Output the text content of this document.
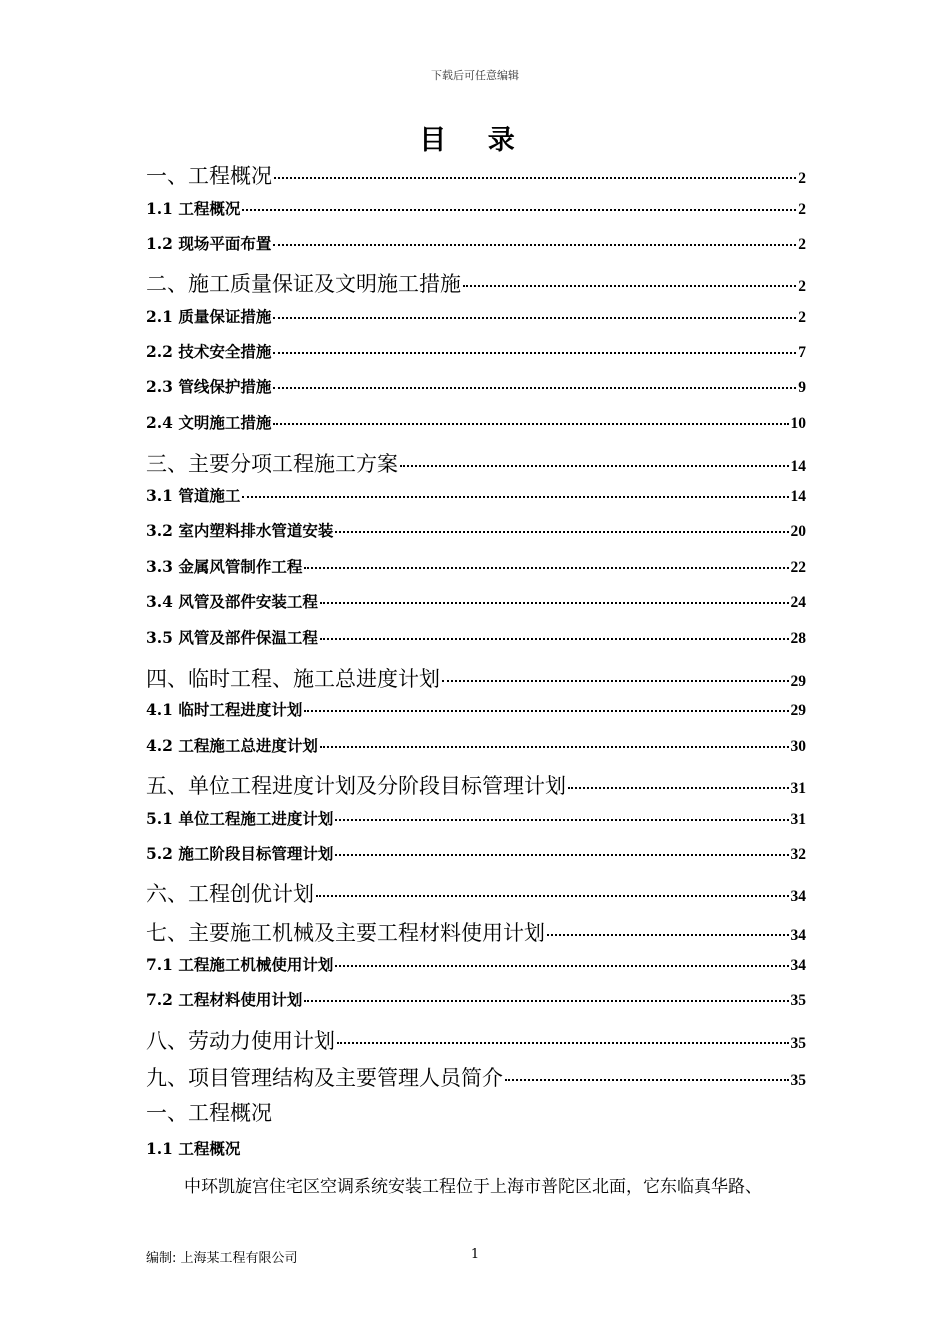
下载后可任意编辑
目 录
一、工程概况	2
1.1 工程概况	2
1.2 现场平面布置	2
二、施工质量保证及文明施工措施	2
2.1 质量保证措施	2
2.2 技术安全措施	7
2.3 管线保护措施	9
2.4 文明施工措施	10
三、主要分项工程施工方案	14
3.1 管道施工	14
3.2 室内塑料排水管道安装	20
3.3 金属风管制作工程	22
3.4 风管及部件安装工程	24
3.5 风管及部件保温工程	28
四、临时工程、施工总进度计划	29
4.1 临时工程进度计划	29
4.2 工程施工总进度计划	30
五、单位工程进度计划及分阶段目标管理计划	31
5.1 单位工程施工进度计划	31
5.2 施工阶段目标管理计划	32
六、工程创优计划	34
七、主要施工机械及主要工程材料使用计划	34
7.1 工程施工机械使用计划	34
7.2 工程材料使用计划	35
八、劳动力使用计划	35
九、项目管理结构及主要管理人员简介	35
一、工程概况
1.1 工程概况
中环凯旋宫住宅区空调系统安装工程位于上海市普陀区北面，它东临真华路、
编制: 上海某工程有限公司	1
